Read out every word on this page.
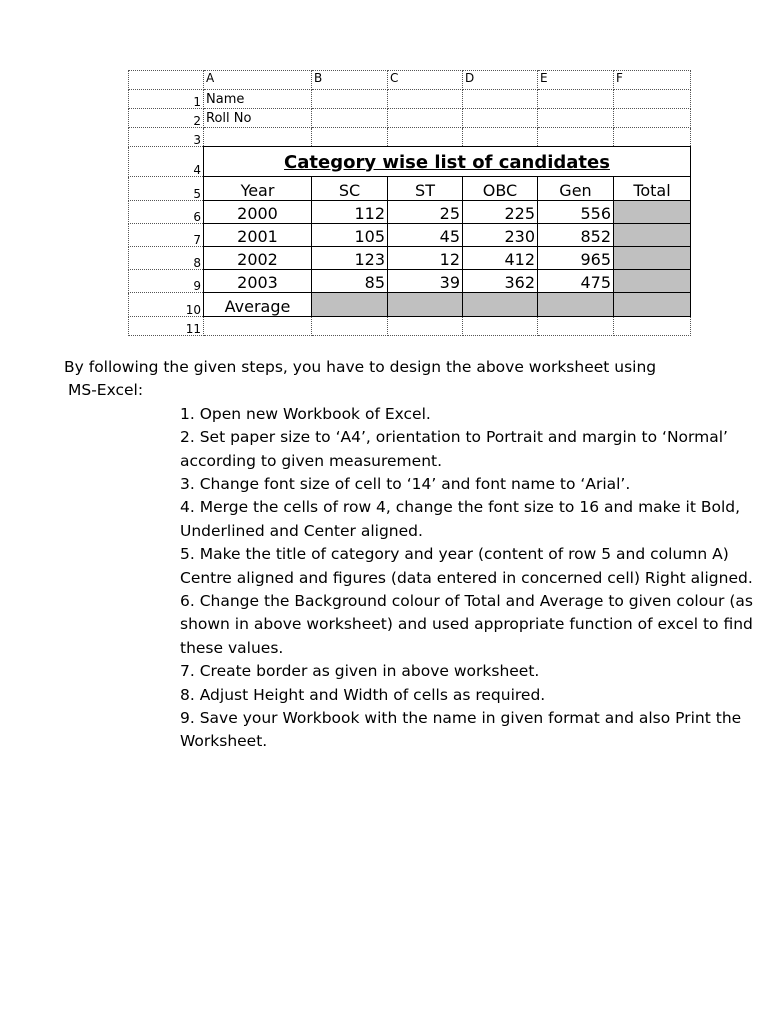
	A	B	C	D	E	F
1	Name					
2	Roll No					
3						
4	Category wise list of candidates					
5	Year	SC	ST	OBC	Gen	Total
6	2000	112	25	225	556	
7	2001	105	45	230	852	
8	2002	123	12	412	965	
9	2003	85	39	362	475	
10	Average					
11						
By following the given steps, you have to design the above worksheet using
MS-Excel:
1. Open new Workbook of Excel.
2. Set paper size to ‘A4’, orientation to Portrait and margin to ‘Normal’
according to given measurement.
3. Change font size of cell to ‘14’ and font name to ‘Arial’.
4. Merge the cells of row 4, change the font size to 16 and make it Bold,
Underlined and Center aligned.
5. Make the title of category and year (content of row 5 and column A)
Centre aligned and figures (data entered in concerned cell) Right aligned.
6. Change the Background colour of Total and Average to given colour (as
shown in above worksheet) and used appropriate function of excel to find
these values.
7. Create border as given in above worksheet.
8. Adjust Height and Width of cells as required.
9. Save your Workbook with the name in given format and also Print the
Worksheet.
